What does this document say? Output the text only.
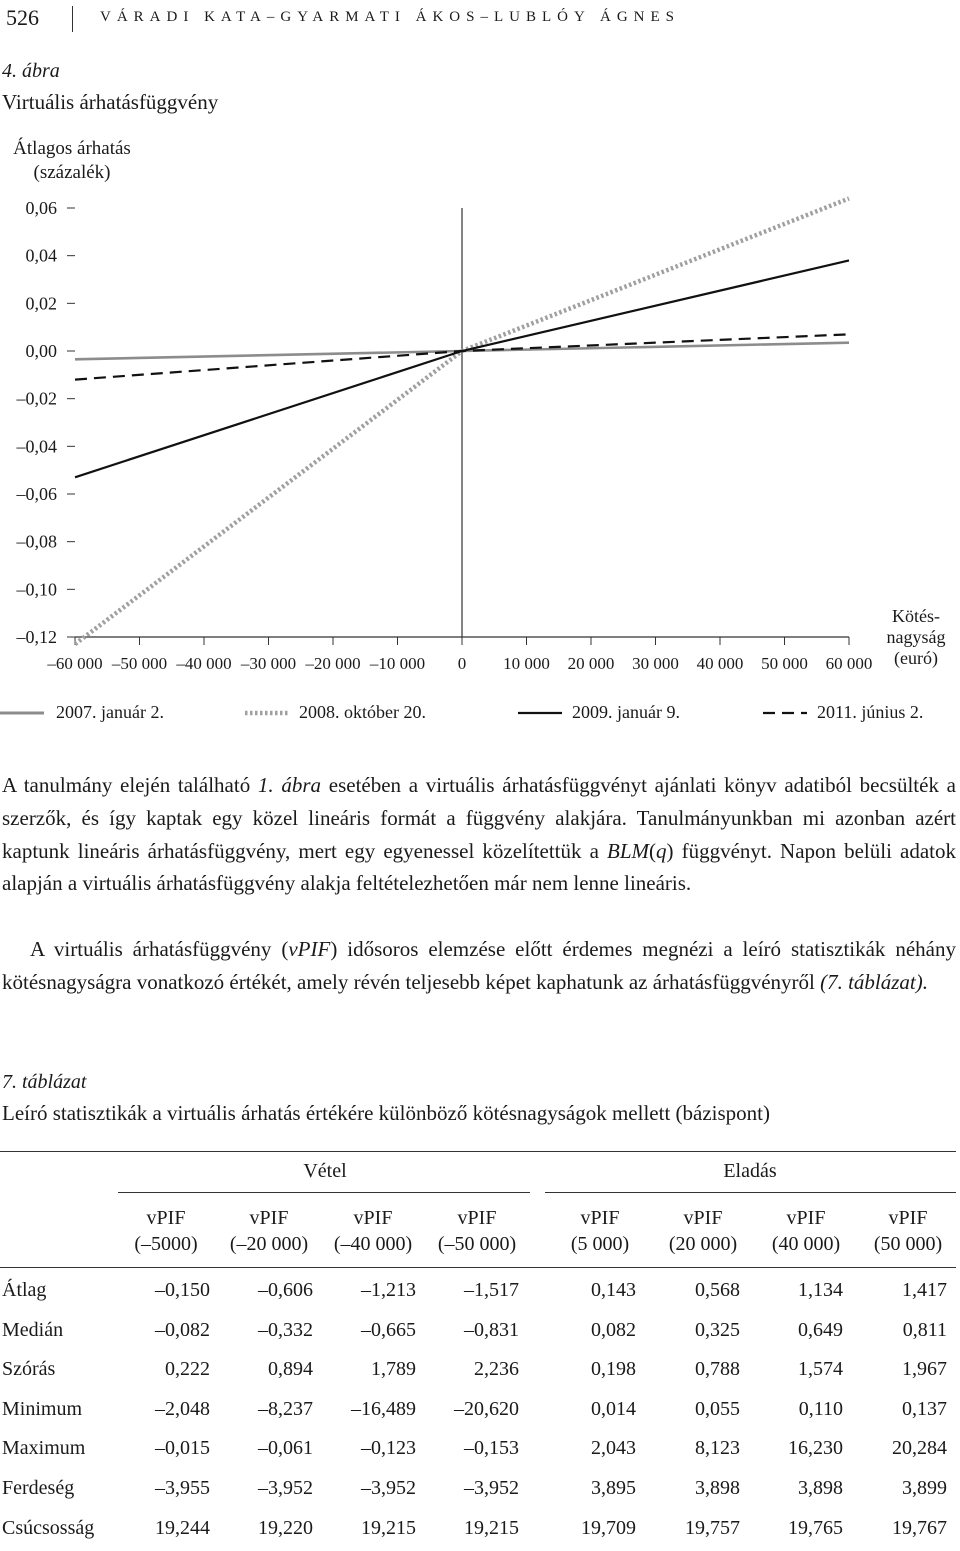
526	VÁRADI KATA–GYARMATI ÁKOS–LUBLÓY ÁGNES
4. ábra
Virtuális árhatásfüggvény
Átlagos árhatás
(százalék)
0,06
0,04
0,02
0,00
–0,02
–0,04
–0,06
–0,08
–0,10
–0,12
–60 000 –50 000 –40 000 –30 000 –20 000 –10 000 0 10 000 20 000 30 000 40 000 50 000 60 000
Kötés-
nagyság
(euró)
2007. január 2.	2008. október 20.	2009. január 9.	2011. június 2.
A tanulmány elején található 1. ábra esetében a virtuális árhatásfüggvényt ajánlati könyv adatiból becsülték a szerzők, és így kaptak egy közel lineáris formát a függvény alakjára. Tanulmányunkban mi azonban azért kaptunk lineáris árhatásfüggvény, mert egy egyenessel közelítettük a BLM(q) függvényt. Napon belüli adatok alapján a virtuális árhatásfüggvény alakja feltételezhetően már nem lenne lineáris.
A virtuális árhatásfüggvény (vPIF) idősoros elemzése előtt érdemes megnézi a leíró statisztikák néhány kötésnagyságra vonatkozó értékét, amely révén teljesebb képet kaphatunk az árhatásfüggvényről (7. táblázat).
7. táblázat
Leíró statisztikák a virtuális árhatás értékére különböző kötésnagyságok mellett (bázispont)
Vétel	Eladás
vPIF
(–5000)
vPIF
(–20 000)
vPIF
(–40 000)
vPIF
(–50 000)
vPIF
(5 000)
vPIF
(20 000)
vPIF
(40 000)
vPIF
(50 000)
Átlag	–0,150 –0,606 –1,213 –1,517	0,143	0,568	1,134	1,417
Medián	–0,082 –0,332 –0,665 –0,831	0,082	0,325	0,649	0,811
Szórás	0,222	0,894	1,789	2,236	0,198	0,788	1,574	1,967
Minimum	–2,048 –8,237 –16,489 –20,620	0,014	0,055	0,110	0,137
Maximum	–0,015 –0,061 –0,123 –0,153	2,043	8,123 16,230 20,284
Ferdeség	–3,955 –3,952 –3,952 –3,952	3,895	3,898	3,898	3,899
Csúcsosság	19,244 19,220 19,215 19,215	19,709 19,757 19,765 19,767
